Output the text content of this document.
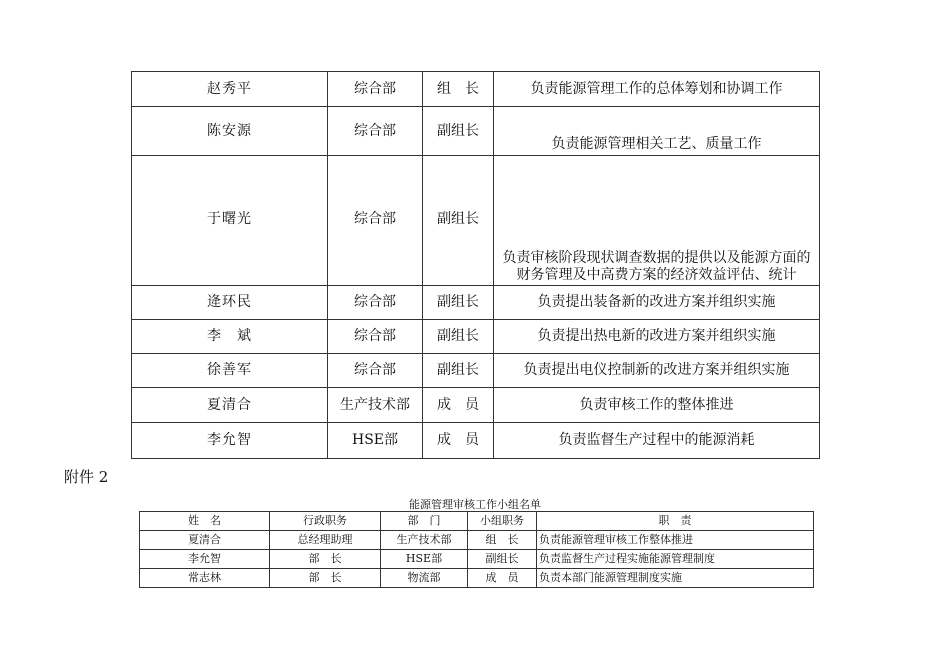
赵秀平	综合部	组　长	负责能源管理工作的总体筹划和协调工作
陈安源	综合部	副组长	负责能源管理相关工艺、质量工作
于曙光	综合部	副组长	负责审核阶段现状调查数据的提供以及能源方面的财务管理及中高费方案的经济效益评估、统计
逄环民	综合部	副组长	负责提出装备新的改进方案并组织实施
李　斌	综合部	副组长	负责提出热电新的改进方案并组织实施
徐善军	综合部	副组长	负责提出电仪控制新的改进方案并组织实施
夏清合	生产技术部	成　员	负责审核工作的整体推进
李允智	HSE部	成　员	负责监督生产过程中的能源消耗
附件 2
能源管理审核工作小组名单
姓　名	行政职务	部　门	小组职务	职　责
夏清合	总经理助理	生产技术部	组　长	负责能源管理审核工作整体推进
李允智	部　长	HSE部	副组长	负责监督生产过程实施能源管理制度
常志林	部　长	物流部	成　员	负责本部门能源管理制度实施
